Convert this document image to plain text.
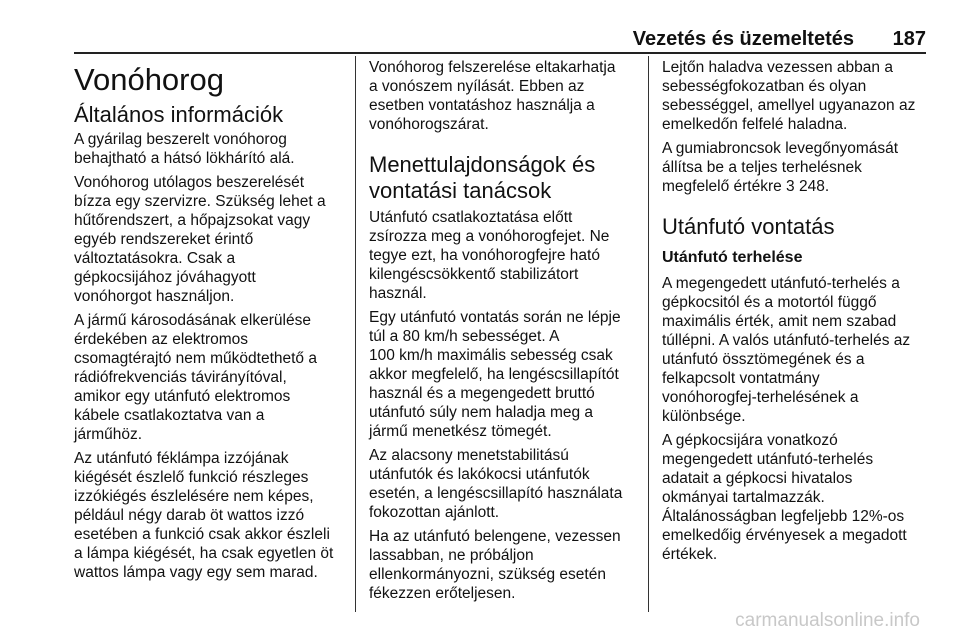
Vezetés és üzemeltetés 187
Vonóhorog
Általános információk

A gyárilag beszerelt vonóhorog
behajtható a hátsó lökhárító alá.

Vonóhorog utólagos beszerelését
bízza egy szervizre. Szükség lehet a
hűtőrendszert, a hőpajzsokat vagy
egyéb rendszereket érintő
változtatásokra. Csak a
gépkocsijához jóváhagyott
vonóhorgot használjon.

A jármű károsodásának elkerülése
érdekében az elektromos
csomagtérajtó nem működtethető a
rádiófrekvenciás távirányítóval,
amikor egy utánfutó elektromos
kábele csatlakoztatva van a
járműhöz.

Az utánfutó féklámpa izzójának
kiégését észlelő funkció részleges
izzókiégés észlelésére nem képes,
például négy darab öt wattos izzó
esetében a funkció csak akkor észleli
a lámpa kiégését, ha csak egyetlen öt
wattos lámpa vagy egy sem marad.

Vonóhorog felszerelése eltakarhatja
a vonószem nyílását. Ebben az
esetben vontatáshoz használja a
vonóhorogszárat.

Menettulajdonságok és
vontatási tanácsok

Utánfutó csatlakoztatása előtt
zsírozza meg a vonóhorogfejet. Ne
tegye ezt, ha vonóhorogfejre ható
kilengéscsökkentő stabilizátort
használ.

Egy utánfutó vontatás során ne lépje
túl a 80 km/h sebességet. A
100 km/h maximális sebesség csak
akkor megfelelő, ha lengéscsillapítót
használ és a megengedett bruttó
utánfutó súly nem haladja meg a
jármű menetkész tömegét.

Az alacsony menetstabilitású
utánfutók és lakókocsi utánfutók
esetén, a lengéscsillapító használata
fokozottan ajánlott.

Ha az utánfutó belengene, vezessen
lassabban, ne próbáljon
ellenkormányozni, szükség esetén
fékezzen erőteljesen.

Lejtőn haladva vezessen abban a
sebességfokozatban és olyan
sebességgel, amellyel ugyanazon az
emelkedőn felfelé haladna.

A gumiabroncsok levegőnyomását
állítsa be a teljes terhelésnek
megfelelő értékre 3 248.

Utánfutó vontatás
Utánfutó terhelése

A megengedett utánfutó-terhelés a
gépkocsitól és a motortól függő
maximális érték, amit nem szabad
túllépni. A valós utánfutó-terhelés az
utánfutó össztömegének és a
felkapcsolt vontatmány
vonóhorogfej-terhelésének a
különbsége.

A gépkocsijára vonatkozó
megengedett utánfutó-terhelés
adatait a gépkocsi hivatalos
okmányai tartalmazzák.
Általánosságban legfeljebb 12%-os
emelkedőig érvényesek a megadott
értékek.

carmanualsonline.info
